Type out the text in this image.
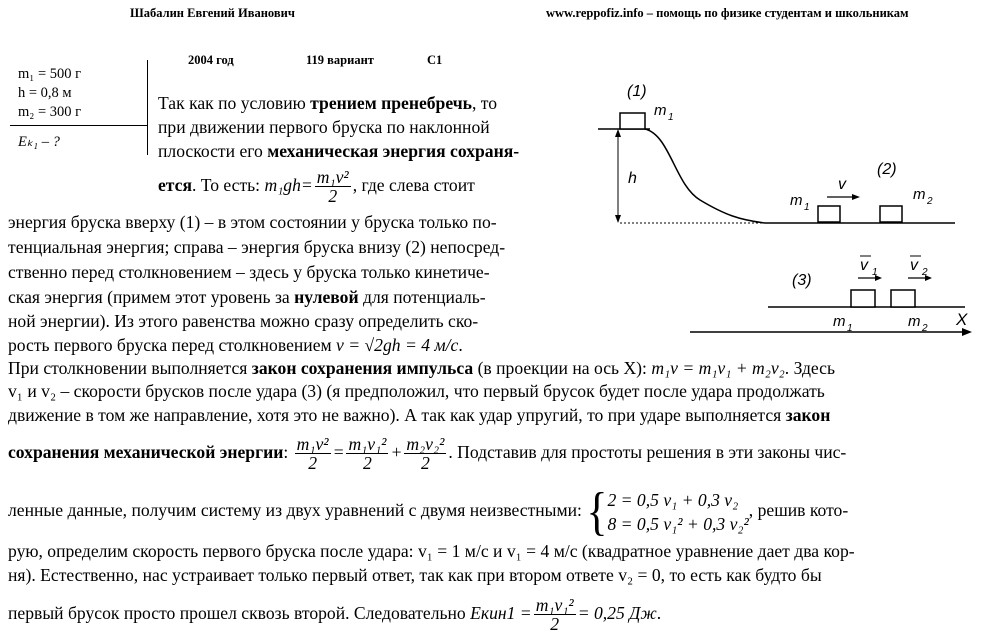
Шабалин Евгений Иванович	www.reppofiz.info – помощь по физике студентам и школьникам
2004 год	119 вариант	С1
m₁ = 500 г
h = 0,8 м
m₂ = 300 г
Eₖ₁ – ?
(1)
(2)
(3)
h
m 1
m 1
m 2
v
v 1 v 2
m 1	m 2 X
Так как по условию трением пренебречь, то
при движении первого бруска по наклонной
плоскости его механическая энергия сохраня-
ется. То есть: $m_1gh= \frac{\text{m₁v²}}{2}$ , где слева стоит
энергия бруска вверху (1) – в этом состоянии у бруска только по-
тенциальная энергия; справа – энергия бруска внизу (2) непосред-
ственно перед столкновением – здесь у бруска только кинетиче-
ская энергия (примем этот уровень за нулевой для потенциаль-
ной энергии). Из этого равенства можно сразу определить ско-
рость первого бруска перед столкновением v = √2gh = 4 м/с.
При столкновении выполняется закон сохранения импульса (в проекции на ось X): m₁v = m₁v₁ + m₂v₂. Здесь
v₁ и v₂ – скорости брусков после удара (3) (я предположил, что первый брусок будет после удара продолжать
движение в том же направление, хотя это не важно). А так как удар упругий, то при ударе выполняется закон
сохранения механической энергии: $\frac{\text{m₁v²}}{2} = \frac{\text{m₁v₁²}}{2} + \frac{\text{m₂v₂²}}{2}$ . Подставив для простоты решения в эти законы чис-
ленные данные, получим систему из двух уравнений с двумя неизвестными: { 2 = 0,5 v₁ + 0,3 v₂
8 = 0,5 v₁² + 0,3 v₂²
, решив кото-
рую, определим скорость первого бруска после удара: v₁ = 1 м/с и v₁ = 4 м/с (квадратное уравнение дает два кор-
ня). Естественно, нас устраивает только первый ответ, так как при втором ответе v₂ = 0, то есть как будто бы
первый брусок просто прошел сквозь второй. Следовательно Eкин1 = $\frac{\text{m₁v₁²}}{2} = 0,25$ Дж.
